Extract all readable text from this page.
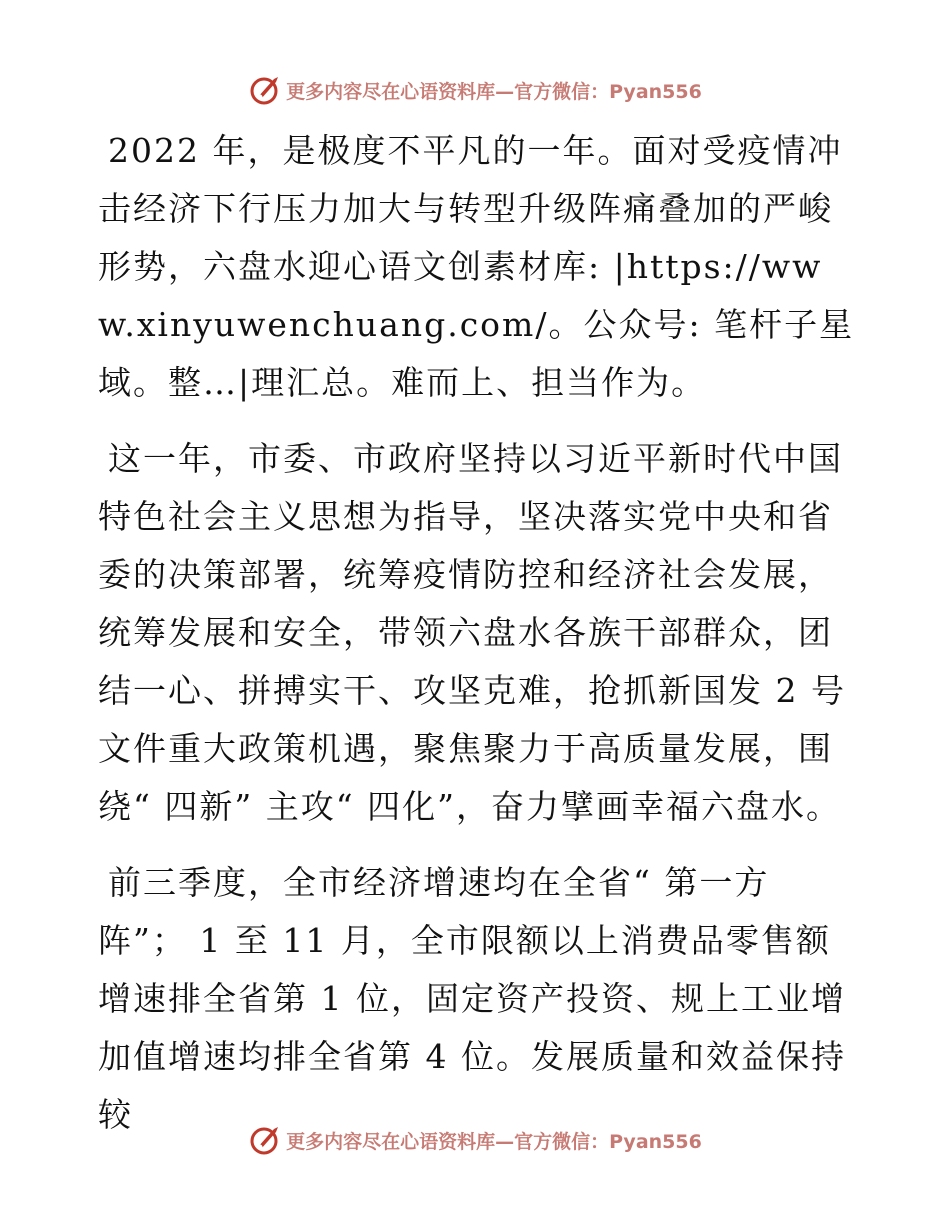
更多内容尽在心语资料库—官方微信：Pyan556

2022 年，是极度不平凡的一年。面对受疫情冲击经济下行压力加大与转型升级阵痛叠加的严峻形势，六盘水迎心语文创素材库: |https://www.xinyuwenchuang.com/。公众号: 笔杆子星域。整…|理汇总。难而上、担当作为。

这一年，市委、市政府坚持以习近平新时代中国特色社会主义思想为指导，坚决落实党中央和省委的决策部署，统筹疫情防控和经济社会发展，统筹发展和安全，带领六盘水各族干部群众，团结一心、拼搏实干、攻坚克难，抢抓新国发 2 号文件重大政策机遇，聚焦聚力于高质量发展，围绕“ 四新” 主攻“ 四化”，奋力擘画幸福六盘水。

前三季度，全市经济增速均在全省“ 第一方阵”； 1 至 11 月，全市限额以上消费品零售额增速排全省第 1 位，固定资产投资、规上工业增加值增速均排全省第 4 位。发展质量和效益保持较

更多内容尽在心语资料库—官方微信：Pyan556
